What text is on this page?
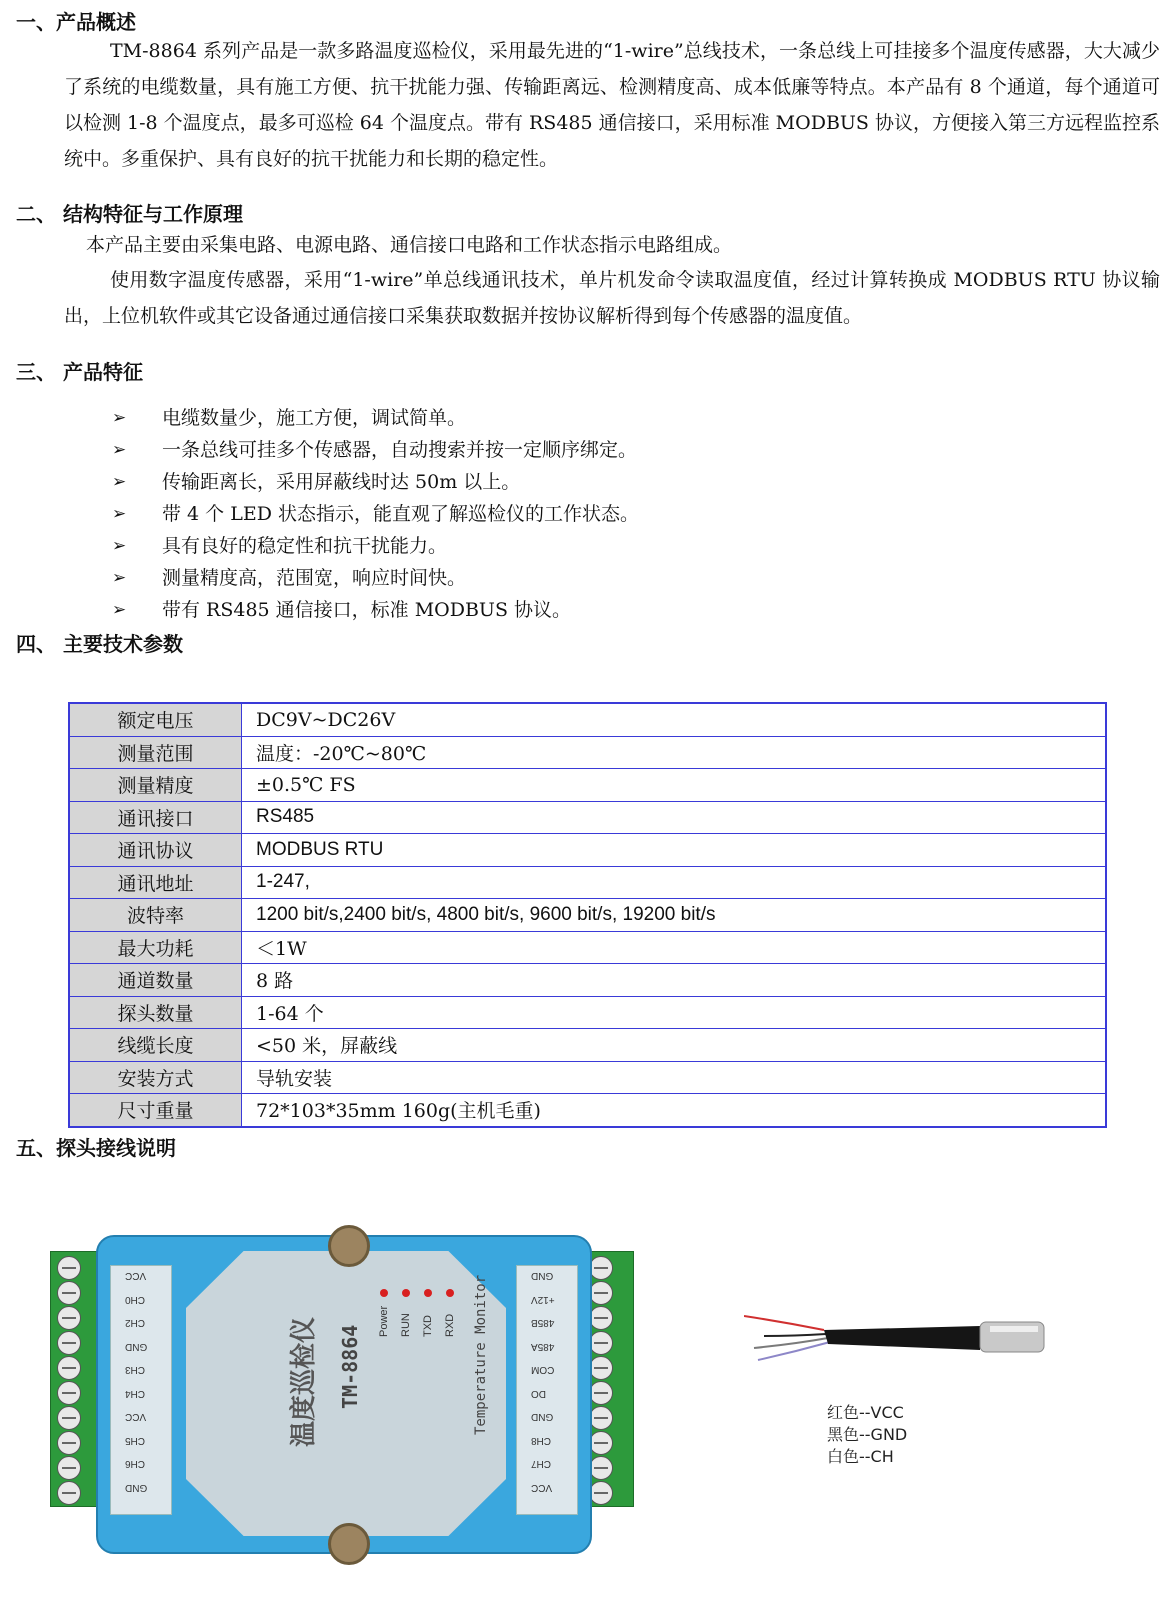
一、产品概述
TM-8864 系列产品是一款多路温度巡检仪，采用最先进的“1-wire”总线技术，一条总线上可挂接多个温度传感器，大大减少了系统的电缆数量，具有施工方便、抗干扰能力强、传输距离远、检测精度高、成本低廉等特点。本产品有 8 个通道，每个通道可以检测 1-8 个温度点，最多可巡检 64 个温度点。带有 RS485 通信接口，采用标准 MODBUS 协议，方便接入第三方远程监控系统中。多重保护、具有良好的抗干扰能力和长期的稳定性。
二、 结构特征与工作原理
本产品主要由采集电路、电源电路、通信接口电路和工作状态指示电路组成。
使用数字温度传感器，采用“1-wire”单总线通讯技术，单片机发命令读取温度值，经过计算转换成 MODBUS RTU 协议输出，上位机软件或其它设备通过通信接口采集获取数据并按协议解析得到每个传感器的温度值。
三、 产品特征
➢	电缆数量少，施工方便，调试简单。
➢	一条总线可挂多个传感器，自动搜索并按一定顺序绑定。
➢	传输距离长，采用屏蔽线时达 50m 以上。
➢	带 4 个 LED 状态指示，能直观了解巡检仪的工作状态。
➢	具有良好的稳定性和抗干扰能力。
➢	测量精度高，范围宽，响应时间快。
➢	带有 RS485 通信接口，标准 MODBUS 协议。
四、 主要技术参数
额定电压	DC9V~DC26V
测量范围	温度：-20℃~80℃
测量精度	±0.5℃ FS
通讯接口	RS485
通讯协议	MODBUS RTU
通讯地址	1-247,
波特率	1200 bit/s,2400 bit/s, 4800 bit/s, 9600 bit/s, 19200 bit/s
最大功耗	＜1W
通道数量	8 路
探头数量	1-64 个
线缆长度	<50 米，屏蔽线
安装方式	导轨安装
尺寸重量	72*103*35mm 160g(主机毛重)
五、探头接线说明
VCC
CH0
CH2
GND
CH3
CH4
VCC
CH5
CH6
GND
GND
+12V
485B
485A
COM
DO
GND
CH8
CH7
VCC
温度巡检仪 TM-8864	Temperature Monitor
Power RUN TXD RXD
红色--VCC
黑色--GND
白色--CH
